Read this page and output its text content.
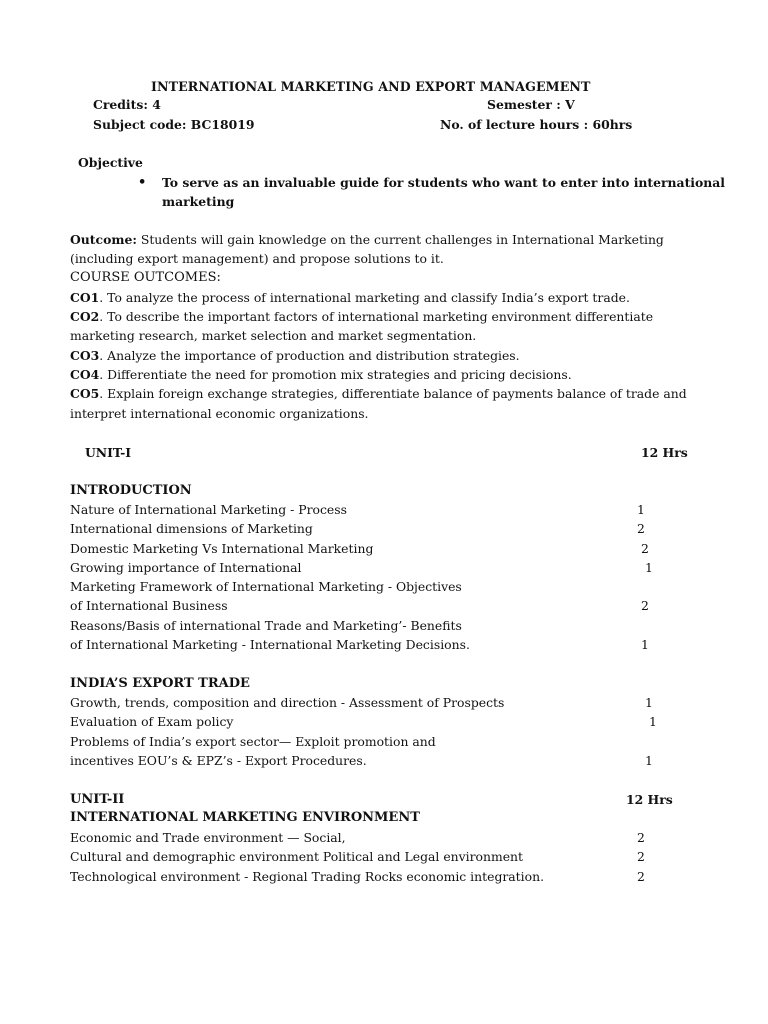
INTERNATIONAL MARKETING AND EXPORT MANAGEMENT
Credits: 4	Semester : V
Subject code: BC18019	No. of lecture hours : 60hrs
Objective
• To serve as an invaluable guide for students who want to enter into international
marketing
Outcome: Students will gain knowledge on the current challenges in International Marketing
(including export management) and propose solutions to it.
COURSE OUTCOMES:
CO1. To analyze the process of international marketing and classify India’s export trade.
CO2. To describe the important factors of international marketing environment differentiate
marketing research, market selection and market segmentation.
CO3. Analyze the importance of production and distribution strategies.
CO4. Differentiate the need for promotion mix strategies and pricing decisions.
CO5. Explain foreign exchange strategies, differentiate balance of payments balance of trade and
interpret international economic organizations.
UNIT-I	12 Hrs
INTRODUCTION
Nature of International Marketing - Process	1
International dimensions of Marketing	2
Domestic Marketing Vs International Marketing	2
Growing importance of International	1
Marketing Framework of International Marketing - Objectives
of International Business	2
Reasons/Basis of international Trade and Marketing’- Benefits
of International Marketing - International Marketing Decisions.	1
INDIA’S EXPORT TRADE
Growth, trends, composition and direction - Assessment of Prospects	1
Evaluation of Exam policy	1
Problems of India’s export sector— Exploit promotion and
incentives EOU’s & EPZ’s - Export Procedures.	1
UNIT-II	12 Hrs
INTERNATIONAL MARKETING ENVIRONMENT
Economic and Trade environment — Social,	2
Cultural and demographic environment Political and Legal environment	2
Technological environment - Regional Trading Rocks economic integration.	2
